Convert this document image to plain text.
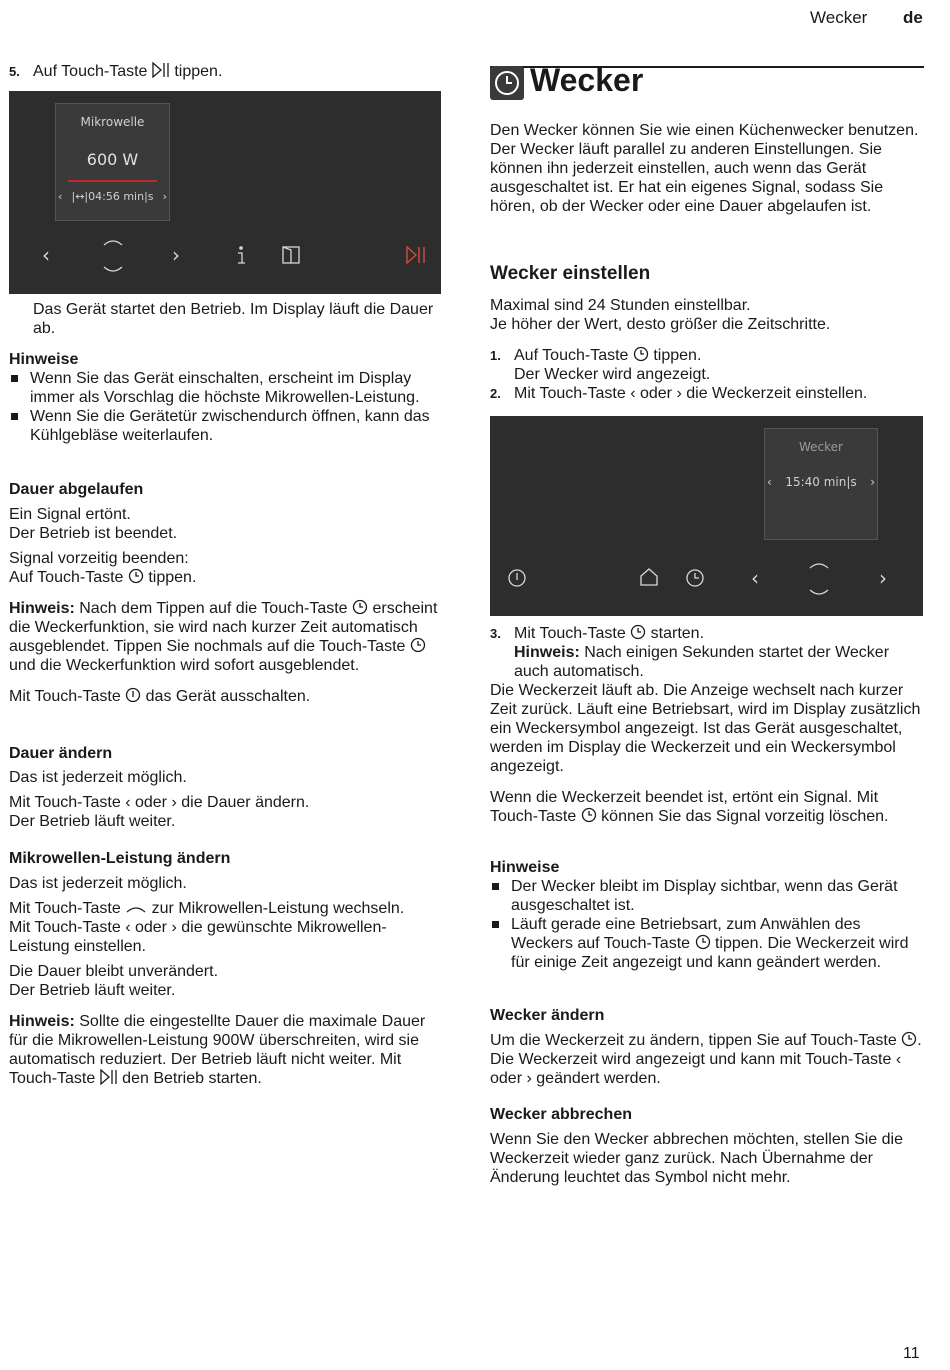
Wecker de
5. Auf Touch-Taste tippen.
Mikrowelle
600 W
‹ |↔|04:56 min|s ›
‹	›
Das Gerät startet den Betrieb. Im Display läuft die Dauer ab.
Hinweise
Wenn Sie das Gerät einschalten, erscheint im Display immer als Vorschlag die höchste Mikrowellen-Leistung.
Wenn Sie die Gerätetür zwischendurch öffnen, kann das Kühlgebläse weiterlaufen.
Dauer abgelaufen
Ein Signal ertönt.
Der Betrieb ist beendet.
Signal vorzeitig beenden:
Auf Touch-Taste tippen.
Hinweis: Nach dem Tippen auf die Touch-Taste erscheint die Weckerfunktion, sie wird nach kurzer Zeit automatisch ausgeblendet. Tippen Sie nochmals auf die Touch-Taste  und die Weckerfunktion wird sofort ausgeblendet.
Mit Touch-Taste das Gerät ausschalten.
Dauer ändern
Das ist jederzeit möglich.
Mit Touch-Taste ‹ oder › die Dauer ändern.
Der Betrieb läuft weiter.
Mikrowellen-Leistung ändern
Das ist jederzeit möglich.
Mit Touch-Taste zur Mikrowellen-Leistung wechseln.
Mit Touch-Taste ‹ oder › die gewünschte Mikrowellen-Leistung einstellen.
Die Dauer bleibt unverändert.
Der Betrieb läuft weiter.
Hinweis: Sollte die eingestellte Dauer die maximale Dauer für die Mikrowellen-Leistung 900W überschreiten, wird sie automatisch reduziert. Der Betrieb läuft nicht weiter. Mit Touch-Taste den Betrieb starten.
Wecker
Den Wecker können Sie wie einen Küchenwecker benutzen. Der Wecker läuft parallel zu anderen Einstellungen. Sie können ihn jederzeit einstellen, auch wenn das Gerät ausgeschaltet ist. Er hat ein eigenes Signal, sodass Sie hören, ob der Wecker oder eine Dauer abgelaufen ist.
Wecker einstellen
Maximal sind 24 Stunden einstellbar.
Je höher der Wert, desto größer die Zeitschritte.
1. Auf Touch-Taste tippen.
Der Wecker wird angezeigt.
2. Mit Touch-Taste ‹ oder › die Weckerzeit einstellen.
Wecker
‹ 15:40 min|s ›
‹	›
3. Mit Touch-Taste starten.
Hinweis: Nach einigen Sekunden startet der Wecker auch automatisch.
Die Weckerzeit läuft ab. Die Anzeige wechselt nach kurzer Zeit zurück. Läuft eine Betriebsart, wird im Display zusätzlich ein Weckersymbol angezeigt. Ist das Gerät ausgeschaltet, werden im Display die Weckerzeit und ein Weckersymbol angezeigt.
Wenn die Weckerzeit beendet ist, ertönt ein Signal. Mit Touch-Taste können Sie das Signal vorzeitig löschen.
Hinweise
Der Wecker bleibt im Display sichtbar, wenn das Gerät ausgeschaltet ist.
Läuft gerade eine Betriebsart, zum Anwählen des Weckers auf Touch-Taste tippen. Die Weckerzeit wird für einige Zeit angezeigt und kann geändert werden.
Wecker ändern
Um die Weckerzeit zu ändern, tippen Sie auf Touch-Taste . Die Weckerzeit wird angezeigt und kann mit Touch-Taste ‹ oder › geändert werden.
Wecker abbrechen
Wenn Sie den Wecker abbrechen möchten, stellen Sie die Weckerzeit wieder ganz zurück. Nach Übernahme der Änderung leuchtet das Symbol nicht mehr.
11
